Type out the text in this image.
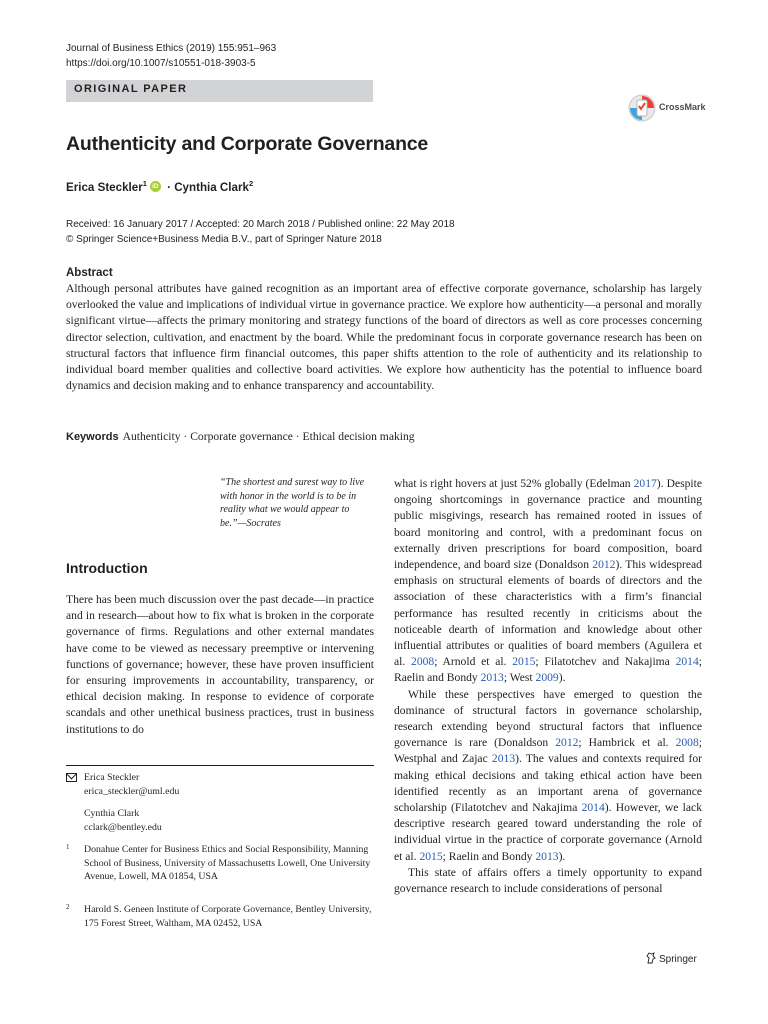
Journal of Business Ethics (2019) 155:951–963
https://doi.org/10.1007/s10551-018-3903-5
ORIGINAL PAPER
CrossMark
Authenticity and Corporate Governance
Erica Steckler$^1$ iD · Cynthia Clark$^2$
Received: 16 January 2017 / Accepted: 20 March 2018 / Published online: 22 May 2018
© Springer Science+Business Media B.V., part of Springer Nature 2018
Abstract
Although personal attributes have gained recognition as an important area of effective corporate governance, scholarship has largely overlooked the value and implications of individual virtue in governance practice. We explore how authenticity—a personal and morally significant virtue—affects the primary monitoring and strategy functions of the board of directors as well as core processes concerning director selection, cultivation, and enactment by the board. While the predominant focus in corporate governance research has been on structural factors that influence firm financial outcomes, this paper shifts attention to the role of authenticity and its relationship to individual board member qualities and collective board activities. We explore how authenticity has the potential to influence board dynamics and decision making and to enhance transparency and accountability.
Keywords Authenticity · Corporate governance · Ethical decision making
“The shortest and surest way to live with honor in the world is to be in reality what we would appear to be.”—Socrates
Introduction
There has been much discussion over the past decade—in practice and in research—about how to fix what is broken in the corporate governance of firms. Regulations and other external mandates have come to be viewed as necessary preemptive or intervening functions of governance; however, these have proven insufficient for ensuring improvements in accountability, transparency, or ethical decision making. In response to evidence of corporate scandals and other unethical business practices, trust in business institutions to do
Erica Steckler
erica_steckler@uml.edu
Cynthia Clark
cclark@bentley.edu
1 Donahue Center for Business Ethics and Social Responsibility, Manning School of Business, University of Massachusetts Lowell, One University Avenue, Lowell, MA 01854, USA
2 Harold S. Geneen Institute of Corporate Governance, Bentley University, 175 Forest Street, Waltham, MA 02452, USA

what is right hovers at just 52% globally (Edelman 2017). Despite ongoing shortcomings in governance practice and mounting public misgivings, research has remained rooted in issues of board monitoring and control, with a predominant focus on externally driven prescriptions for board composition, board independence, and board size (Donaldson 2012). This widespread emphasis on structural elements of boards of directors and the association of these characteristics with a firm’s financial performance has resulted recently in criticisms about the noticeable dearth of information and knowledge about other influential attributes or qualities of board members (Aguilera et al. 2008; Arnold et al. 2015; Filatotchev and Nakajima 2014; Raelin and Bondy 2013; West 2009).

While these perspectives have emerged to question the dominance of structural factors in governance scholarship, research extending beyond structural factors that influence governance is rare (Donaldson 2012; Hambrick et al. 2008; Westphal and Zajac 2013). The values and contexts required for making ethical decisions and taking ethical action have been identified recently as an important arena of governance scholarship (Filatotchev and Nakajima 2014). However, we lack descriptive research geared toward understanding the role of individual virtue in the practice of corporate governance (Arnold et al. 2015; Raelin and Bondy 2013).

This state of affairs offers a timely opportunity to expand governance research to include considerations of personal

Springer
